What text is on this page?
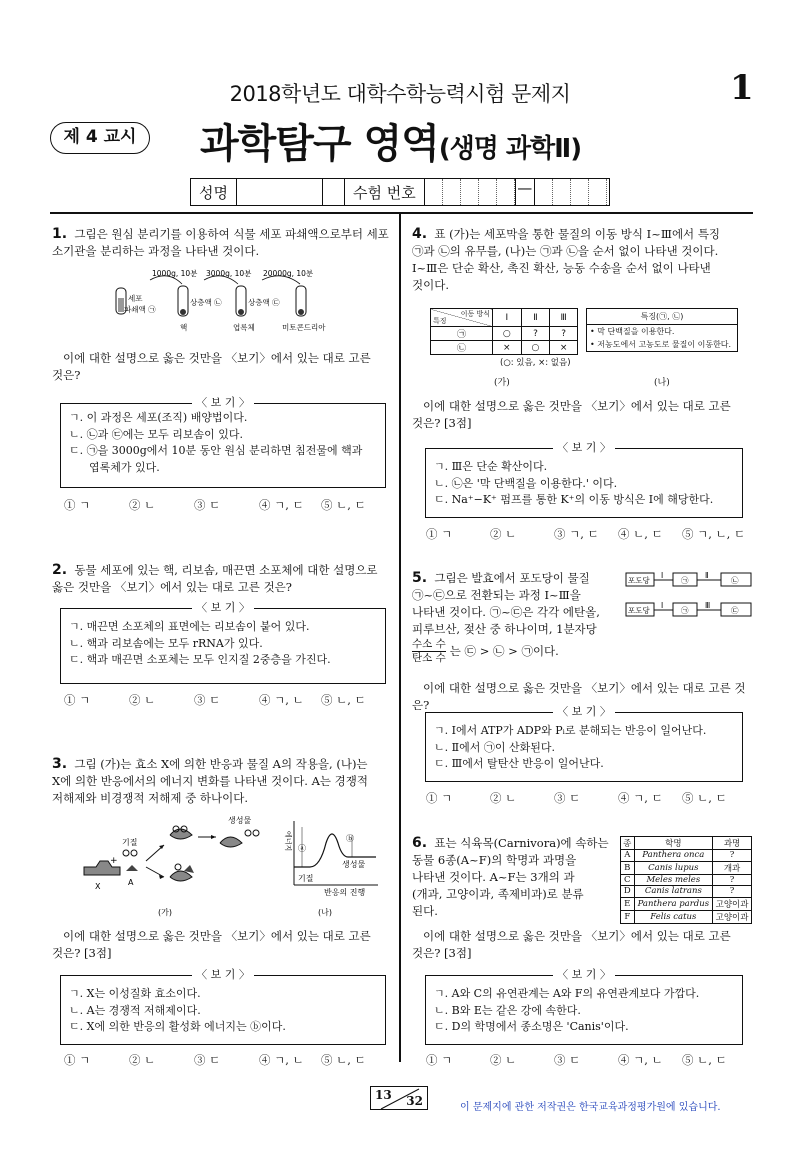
2018학년도 대학수학능력시험 문제지	1
제 4 교시	과학탐구 영역(생명 과학Ⅱ)
성명	수험 번호	—
1. 그림은 원심 분리기를 이용하여 식물 세포 파쇄액으로부터 세포
소기관을 분리하는 과정을 나타낸 것이다.
1000g, 10분 3000g, 10분 20000g, 10분
세포
파쇄액 ㉠
상층액 ㉡	상층액 ㉢
핵	엽록체	미토콘드리아
이에 대한 설명으로 옳은 것만을 〈보기〉에서 있는 대로 고른
것은?
〈 보 기 〉
ㄱ. 이 과정은 세포(조직) 배양법이다.
ㄴ. ㉡과 ㉢에는 모두 리보솜이 있다.
ㄷ. ㉠을 3000g에서 10분 동안 원심 분리하면 침전물에 핵과
엽록체가 있다.
① ㄱ	② ㄴ	③ ㄷ	④ ㄱ, ㄷ	⑤ ㄴ, ㄷ
2. 동물 세포에 있는 핵, 리보솜, 매끈면 소포체에 대한 설명으로
옳은 것만을 〈보기〉에서 있는 대로 고른 것은?
〈 보 기 〉
ㄱ. 매끈면 소포체의 표면에는 리보솜이 붙어 있다.
ㄴ. 핵과 리보솜에는 모두 rRNA가 있다.
ㄷ. 핵과 매끈면 소포체는 모두 인지질 2중층을 가진다.
① ㄱ	② ㄴ	③ ㄷ	④ ㄱ, ㄴ	⑤ ㄴ, ㄷ
3. 그림 (가)는 효소 X에 의한 반응과 물질 A의 작용을, (나)는
X에 의한 반응에서의 에너지 변화를 나타낸 것이다. A는 경쟁적
저해제와 비경쟁적 저해제 중 하나이다.
기질
+
X	A
생성물
(가)
에너지 ⓐ
ⓑ
생성물
기질
반응의 진행
(나)
이에 대한 설명으로 옳은 것만을 〈보기〉에서 있는 대로 고른
것은? [3점]
〈 보 기 〉
ㄱ. X는 이성질화 효소이다.
ㄴ. A는 경쟁적 저해제이다.
ㄷ. X에 의한 반응의 활성화 에너지는 ⓑ이다.
① ㄱ	② ㄴ	③ ㄷ	④ ㄱ, ㄴ	⑤ ㄴ, ㄷ
4. 표 (가)는 세포막을 통한 물질의 이동 방식 Ⅰ~Ⅲ에서 특징
㉠과 ㉡의 유무를, (나)는 ㉠과 ㉡을 순서 없이 나타낸 것이다.
Ⅰ~Ⅲ은 단순 확산, 촉진 확산, 능동 수송을 순서 없이 나타낸
것이다.
이동 방식
특징	Ⅰ	Ⅱ	Ⅲ
㉠	○	?	?
㉡	×	○	×
(○: 있음, ×: 없음)
(가)
특징(㉠, ㉡)
• 막 단백질을 이용한다.
• 저농도에서 고농도로 물질이 이동한다.
(나)
이에 대한 설명으로 옳은 것만을 〈보기〉에서 있는 대로 고른
것은? [3점]
〈 보 기 〉
ㄱ. Ⅲ은 단순 확산이다.
ㄴ. ㉡은 '막 단백질을 이용한다.' 이다.
ㄷ. Na⁺−K⁺ 펌프를 통한 K⁺의 이동 방식은 Ⅰ에 해당한다.
① ㄱ	② ㄴ	③ ㄱ, ㄷ	④ ㄴ, ㄷ	⑤ ㄱ, ㄴ, ㄷ
5. 그림은 발효에서 포도당이 물질
㉠~㉢으로 전환되는 과정 Ⅰ~Ⅲ을
나타낸 것이다. ㉠~㉢은 각각 에탄올,
피루브산, 젖산 중 하나이며, 1분자당
수소 수
탄소 수 는 ㉢ > ㉡ > ㉠이다.
포도당
Ⅰ
㉠
Ⅱ
㉡
포도당
Ⅰ
㉠
Ⅲ
㉢
이에 대한 설명으로 옳은 것만을 〈보기〉에서 있는 대로 고른 것은?	〈 보 기 〉
ㄱ. Ⅰ에서 ATP가 ADP와 Pᵢ로 분해되는 반응이 일어난다.
ㄴ. Ⅱ에서 ㉠이 산화된다.
ㄷ. Ⅲ에서 탈탄산 반응이 일어난다.
① ㄱ	② ㄴ	③ ㄷ	④ ㄱ, ㄷ	⑤ ㄴ, ㄷ
6. 표는 식육목(Carnivora)에 속하는
동물 6종(A~F)의 학명과 과명을
나타낸 것이다. A~F는 3개의 과
(개과, 고양이과, 족제비과)로 분류
된다.
종	학명	과명
A	Panthera onca	?
B	Canis lupus	개과
C	Meles meles	?
D	Canis latrans	?
E	Panthera pardus	고양이과
F	Felis catus	고양이과
이에 대한 설명으로 옳은 것만을 〈보기〉에서 있는 대로 고른
것은? [3점]
〈 보 기 〉
ㄱ. A와 C의 유연관계는 A와 F의 유연관계보다 가깝다.
ㄴ. B와 E는 같은 강에 속한다.
ㄷ. D의 학명에서 종소명은 'Canis'이다.
① ㄱ	② ㄴ	③ ㄷ	④ ㄱ, ㄴ	⑤ ㄴ, ㄷ
13 32	이 문제지에 관한 저작권은 한국교육과정평가원에 있습니다.
